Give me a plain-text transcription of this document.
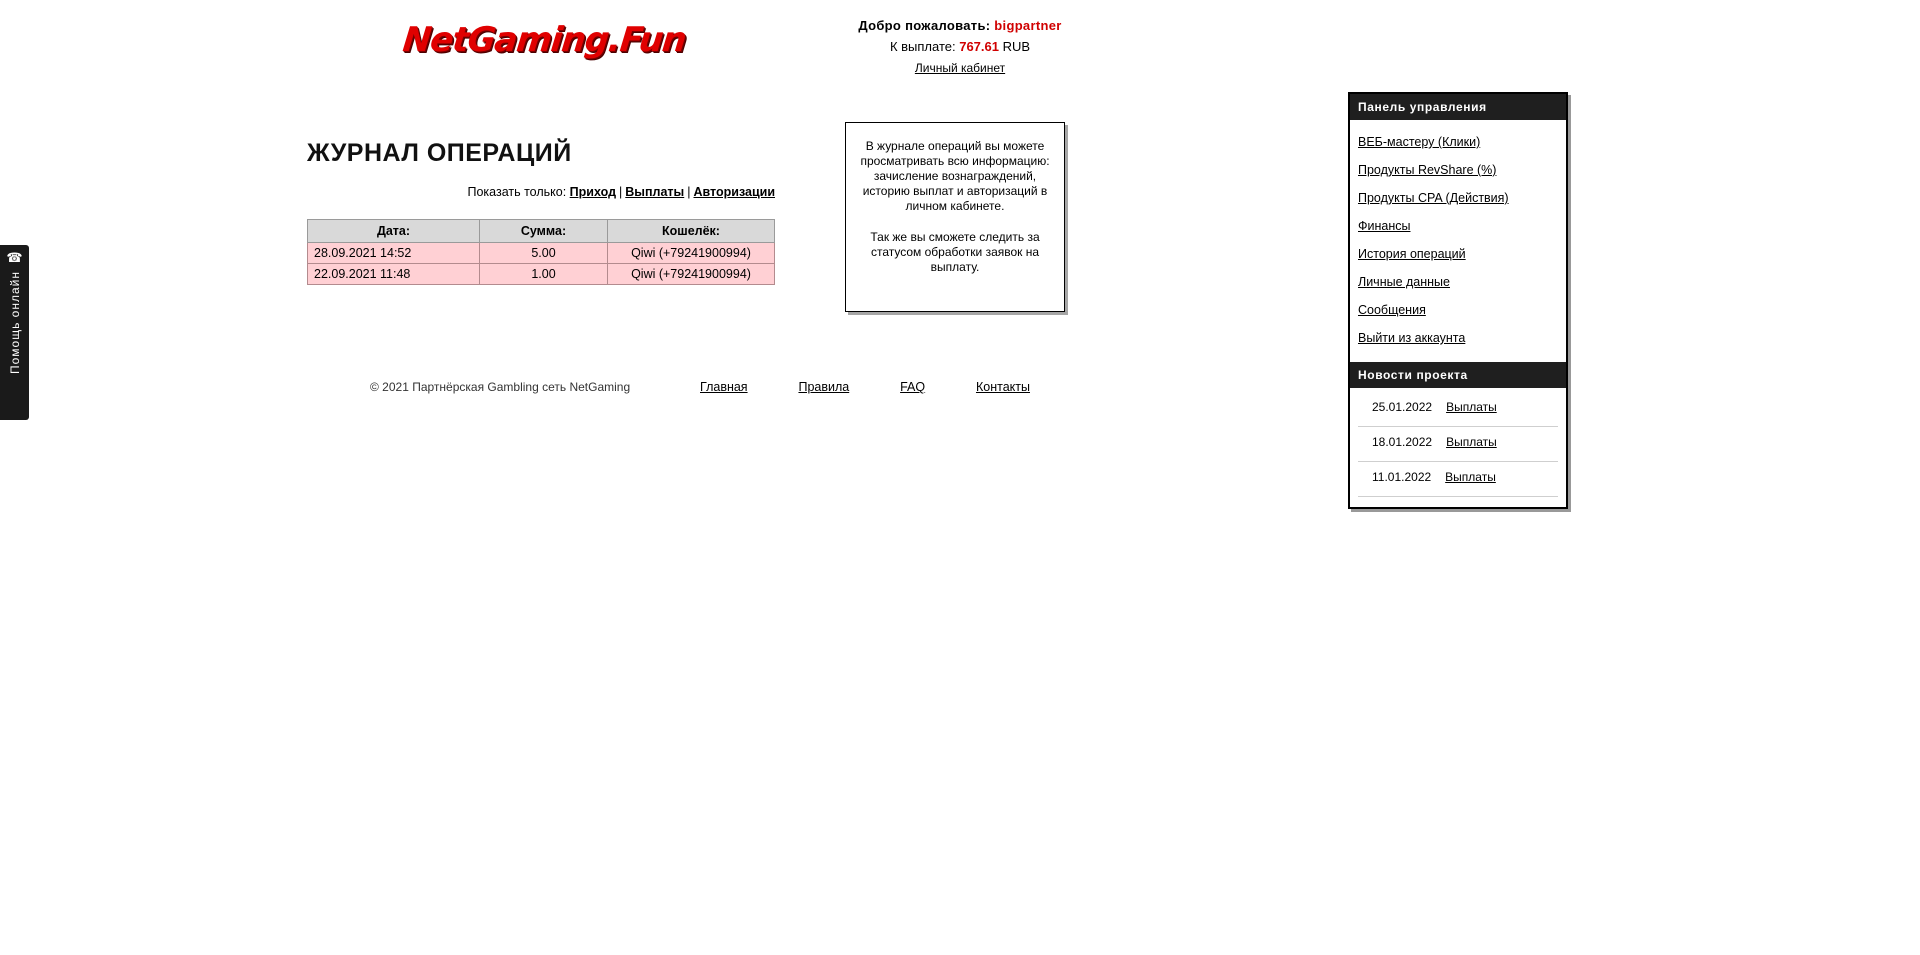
☎
Помощь онлайн
NetGaming.Fun	Добро пожаловать: bigpartner
К выплате: 767.61 RUB
Личный кабинет
ЖУРНАЛ ОПЕРАЦИЙ
Показать только: Приход | Выплаты | Авторизации
Дата:	Сумма:	Кошелёк:
28.09.2021 14:52	5.00	Qiwi (+79241900994)
22.09.2021 11:48	1.00	Qiwi (+79241900994)

В журнале операций вы можете просматривать всю информацию: зачисление вознаграждений, историю выплат и авторизаций в личном кабинете.

Так же вы сможете следить за статусом обработки заявок на выплату.

© 2021 Партнёрская Gambling сеть NetGaming	Главная	Правила	FAQ	Контакты
Панель управления
ВЕБ-мастеру (Клики)
Продукты RevShare (%)
Продукты CPA (Действия)
Финансы
История операций
Личные данные
Сообщения
Выйти из аккаунта
Новости проекта
25.01.2022 Выплаты
18.01.2022 Выплаты
11.01.2022 Выплаты
